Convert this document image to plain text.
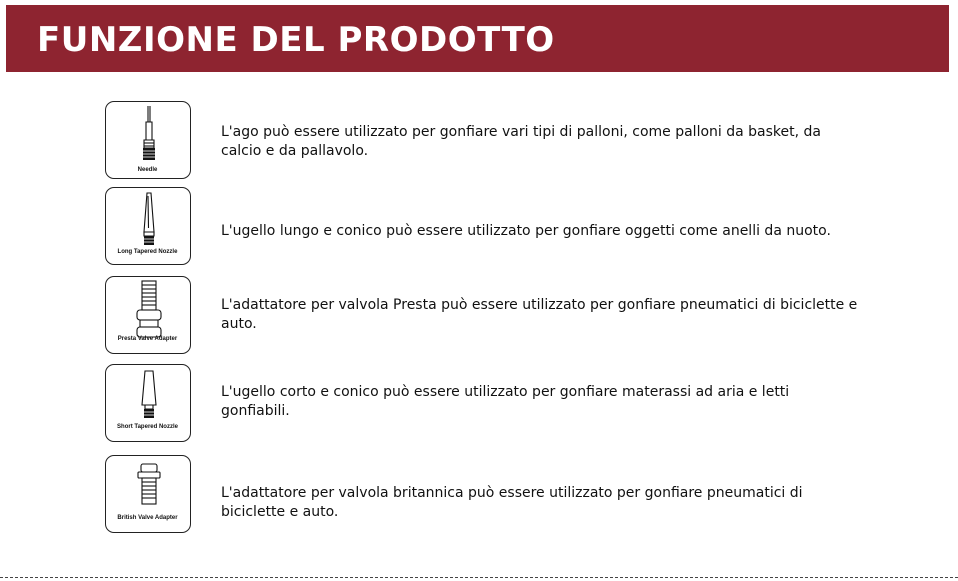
FUNZIONE DEL PRODOTTO
Needle

L'ago può essere utilizzato per gonfiare vari tipi di palloni, come palloni da basket, da calcio e da pallavolo.

Long Tapered Nozzle

L'ugello lungo e conico può essere utilizzato per gonfiare oggetti come anelli da nuoto.

Presta Valve Adapter

L'adattatore per valvola Presta può essere utilizzato per gonfiare pneumatici di biciclette e auto.

Short Tapered Nozzle

L'ugello corto e conico può essere utilizzato per gonfiare materassi ad aria e letti gonfiabili.

British Valve Adapter

L'adattatore per valvola britannica può essere utilizzato per gonfiare pneumatici di biciclette e auto.
